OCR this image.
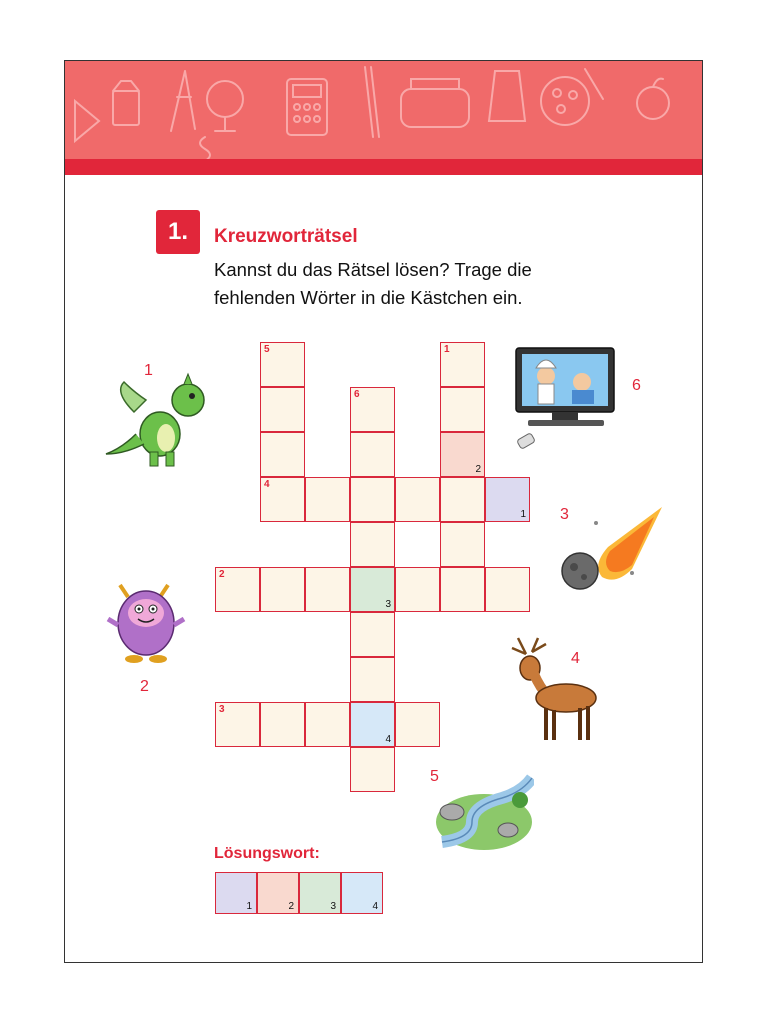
1.	Kreuzworträtsel
Kannst du das Rätsel lösen? Trage die
fehlenden Wörter in die Kästchen ein.
5	1
2
6
4
1
2
3
3
4
1
2
3
4
5
6
Lösungswort:
1	2	3	4
